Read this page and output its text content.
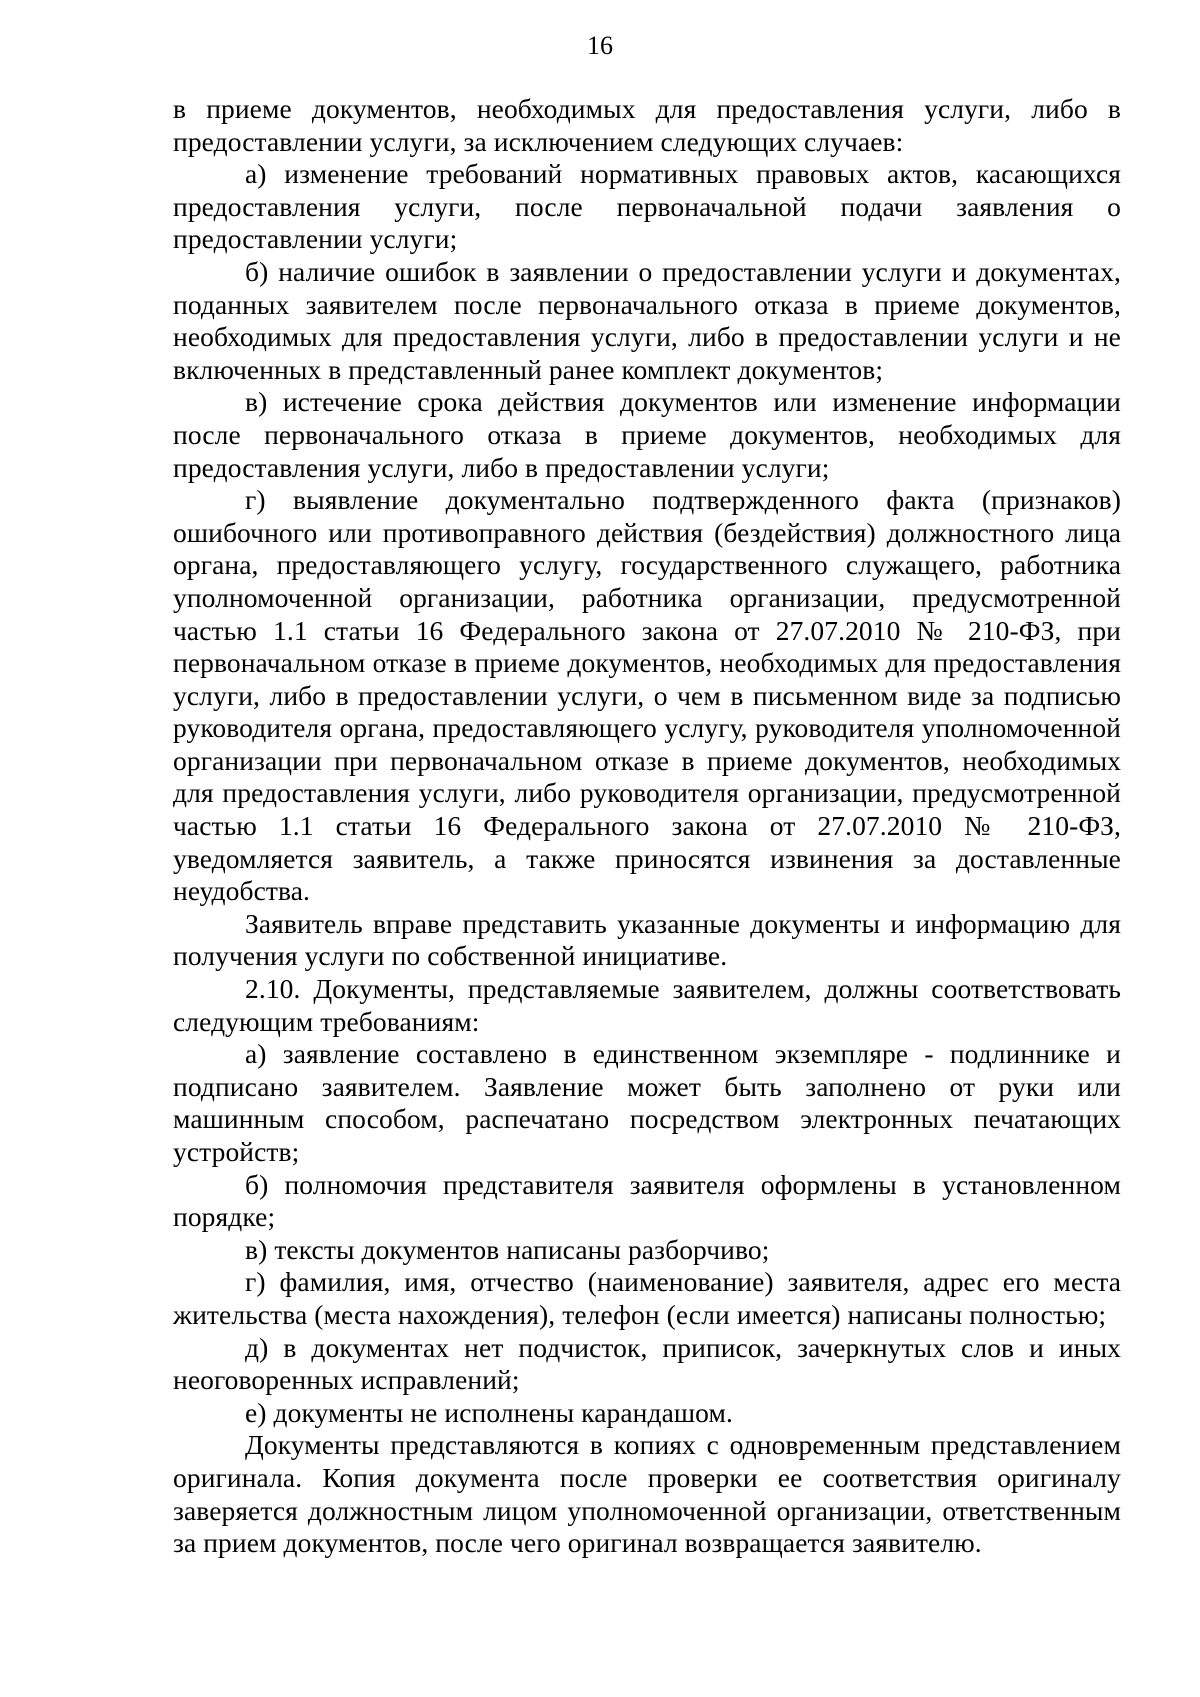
16

в приеме документов, необходимых для предоставления услуги, либо в предоставлении услуги, за исключением следующих случаев:

а) изменение требований нормативных правовых актов, касающихся предоставления услуги, после первоначальной подачи заявления о предоставлении услуги;

б) наличие ошибок в заявлении о предоставлении услуги и документах, поданных заявителем после первоначального отказа в приеме документов, необходимых для предоставления услуги, либо в предоставлении услуги и не включенных в представленный ранее комплект документов;

в) истечение срока действия документов или изменение информации после первоначального отказа в приеме документов, необходимых для предоставления услуги, либо в предоставлении услуги;

г) выявление документально подтвержденного факта (признаков) ошибочного или противоправного действия (бездействия) должностного лица органа, предоставляющего услугу, государственного служащего, работника уполномоченной организации, работника организации, предусмотренной частью 1.1 статьи 16 Федерального закона от 27.07.2010 № 210-ФЗ, при первоначальном отказе в приеме документов, необходимых для предоставления услуги, либо в предоставлении услуги, о чем в письменном виде за подписью руководителя органа, предоставляющего услугу, руководителя уполномоченной организации при первоначальном отказе в приеме документов, необходимых для предоставления услуги, либо руководителя организации, предусмотренной частью 1.1 статьи 16 Федерального закона от 27.07.2010 № 210-ФЗ, уведомляется заявитель, а также приносятся извинения за доставленные неудобства.

Заявитель вправе представить указанные документы и информацию для получения услуги по собственной инициативе.

2.10. Документы, представляемые заявителем, должны соответствовать следующим требованиям:

а) заявление составлено в единственном экземпляре - подлиннике и подписано заявителем. Заявление может быть заполнено от руки или машинным способом, распечатано посредством электронных печатающих устройств;

б) полномочия представителя заявителя оформлены в установленном порядке;

в) тексты документов написаны разборчиво;

г) фамилия, имя, отчество (наименование) заявителя, адрес его места жительства (места нахождения), телефон (если имеется) написаны полностью;

д) в документах нет подчисток, приписок, зачеркнутых слов и иных неоговоренных исправлений;

е) документы не исполнены карандашом.

Документы представляются в копиях с одновременным представлением оригинала. Копия документа после проверки ее соответствия оригиналу заверяется должностным лицом уполномоченной организации, ответственным за прием документов, после чего оригинал возвращается заявителю.
